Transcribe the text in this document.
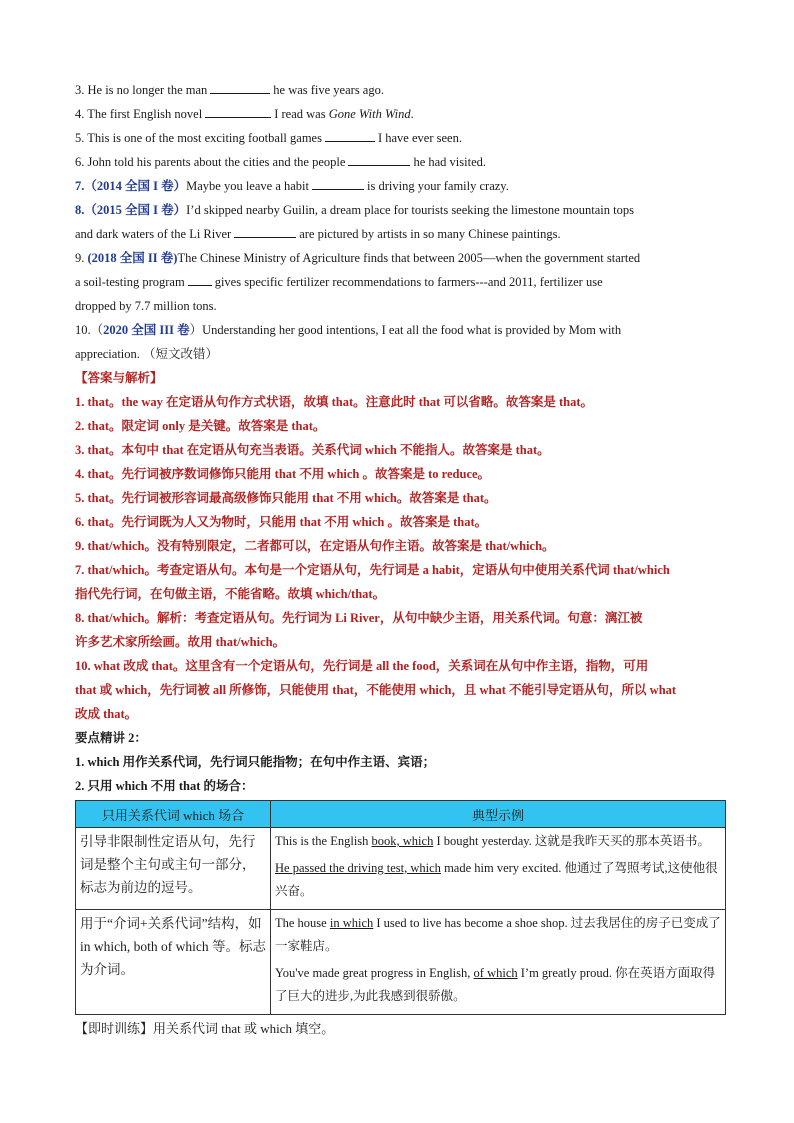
3. He is no longer the man	he was five years ago.
4. The first English novel	I read was Gone With Wind.
5. This is one of the most exciting football games	I have ever seen.
6. John told his parents about the cities and the people	he had visited.
7.（2014 全国 I 卷）Maybe you leave a habit	is driving your family crazy.
8.（2015 全国 I 卷）I’d skipped nearby Guilin, a dream place for tourists seeking the limestone mountain tops
and dark waters of the Li River	are pictured by artists in so many Chinese paintings.
9. (2018 全国 II 卷)The Chinese Ministry of Agriculture finds that between 2005—when the government started
a soil-testing program gives specific fertilizer recommendations to farmers---and 2011, fertilizer use
dropped by 7.7 million tons.
10.（2020 全国 III 卷）Understanding her good intentions, I eat all the food what is provided by Mom with
appreciation. （短文改错）
【答案与解析】
1. that。the way 在定语从句作方式状语，故填 that。注意此时 that 可以省略。故答案是 that。
2. that。限定词 only 是关键。故答案是 that。
3. that。本句中 that 在定语从句充当表语。关系代词 which 不能指人。故答案是 that。
4. that。先行词被序数词修饰只能用 that 不用 which 。故答案是 to reduce。
5. that。先行词被形容词最高级修饰只能用 that 不用 which。故答案是 that。
6. that。先行词既为人又为物时，只能用 that 不用 which 。故答案是 that。
9. that/which。没有特别限定，二者都可以，在定语从句作主语。故答案是 that/which。
7. that/which。考查定语从句。本句是一个定语从句，先行词是 a habit，定语从句中使用关系代词 that/which
指代先行词，在句做主语，不能省略。故填 which/that。
8. that/which。解析：考查定语从句。先行词为 Li River，从句中缺少主语，用关系代词。句意：漓江被
许多艺术家所绘画。故用 that/which。
10. what 改成 that。这里含有一个定语从句，先行词是 all the food，关系词在从句中作主语，指物，可用
that 或 which，先行词被 all 所修饰，只能使用 that，不能使用 which，且 what 不能引导定语从句，所以 what
改成 that。
要点精讲 2：
1. which 用作关系代词，先行词只能指物；在句中作主语、宾语；
2. 只用 which 不用 that 的场合：
只用关系代词 which 场合	典型示例
引导非限制性定语从句，先行词是整个主句或主句一部分，标志为前边的逗号。	This is the English book, which I bought yesterday. 这就是我昨天买的那本英语书。

He passed the driving test, which made him very excited. 他通过了驾照考试,这使他很兴奋。

用于“介词+关系代词”结构，如 in which, both of which 等。标志为介词。	The house in which I used to live has become a shoe shop. 过去我居住的房子已变成了一家鞋店。

You've made great progress in English, of which I’m greatly proud. 你在英语方面取得了巨大的进步,为此我感到很骄傲。

【即时训练】用关系代词 that 或 which 填空。
